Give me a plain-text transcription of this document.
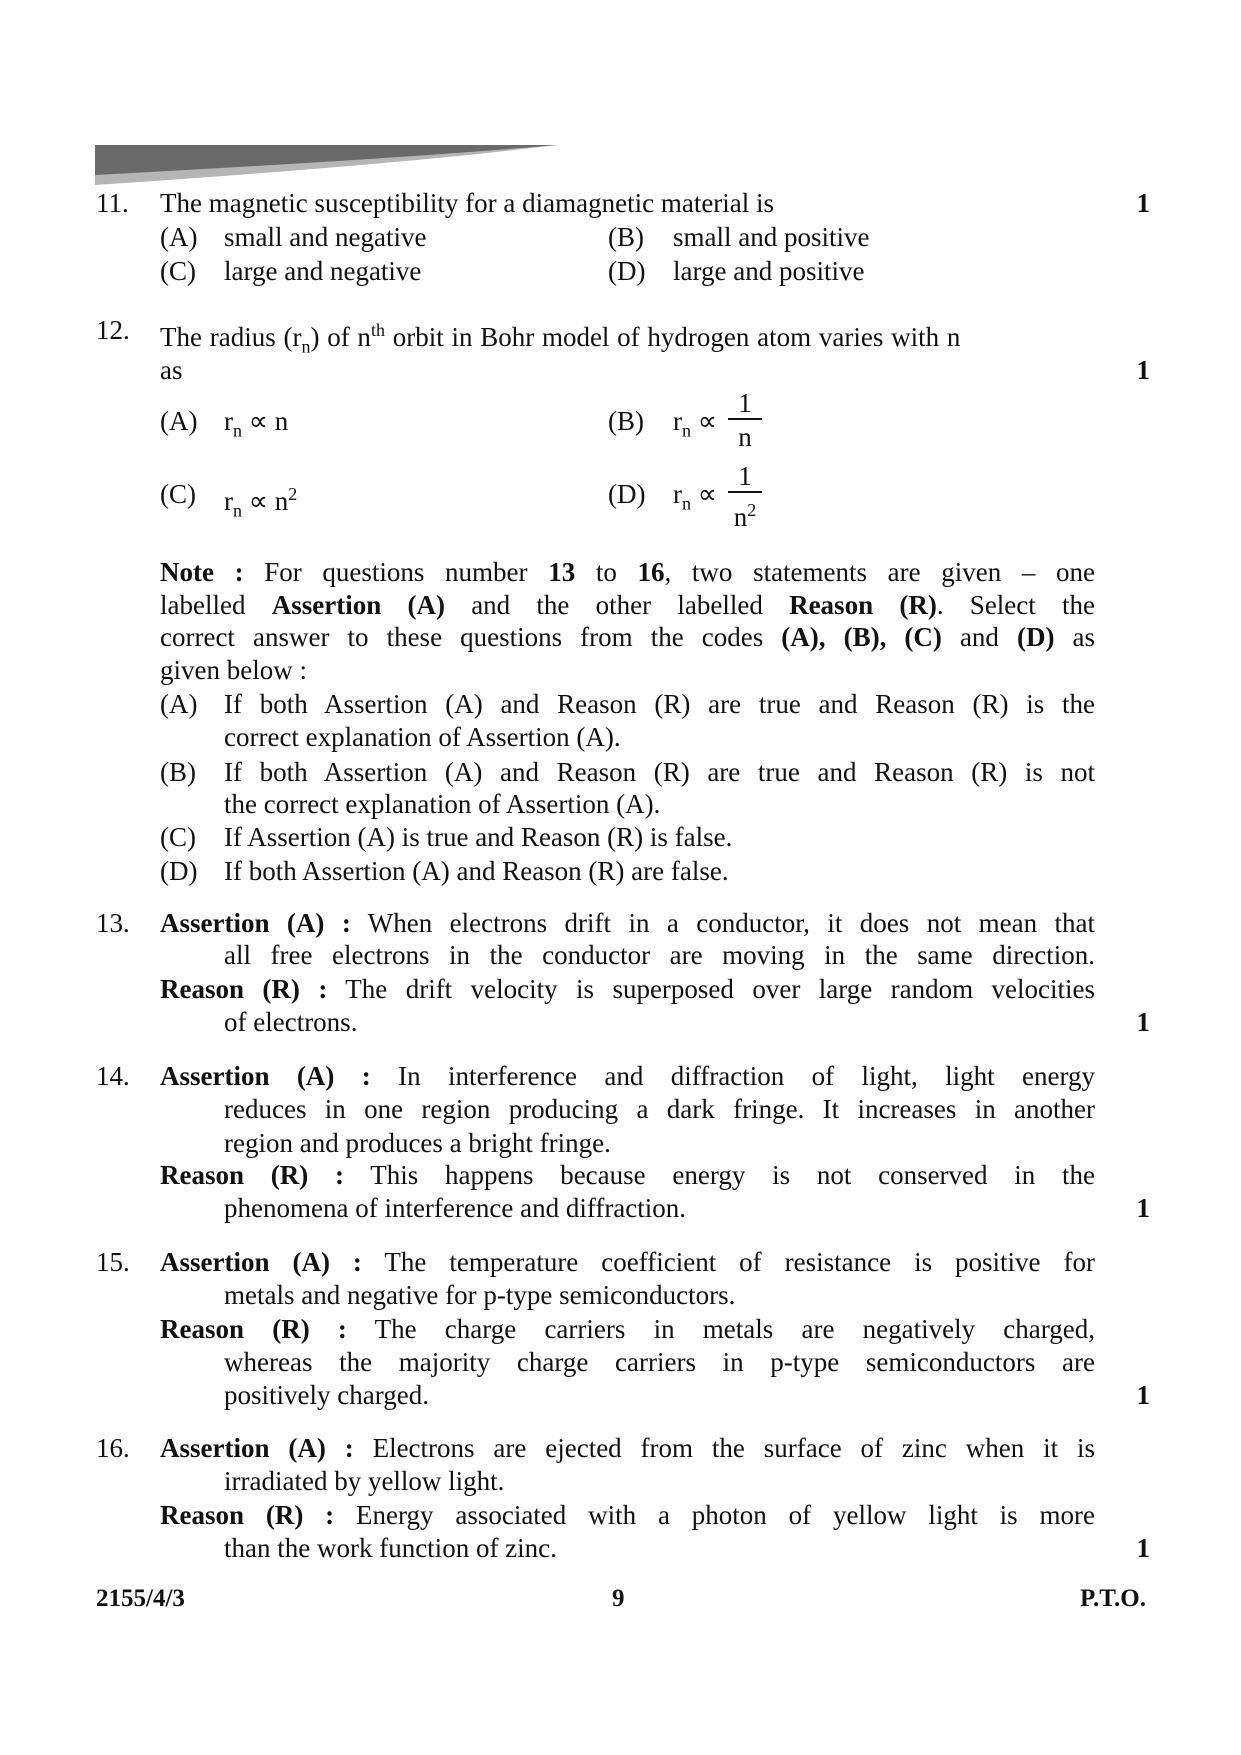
11. The magnetic susceptibility for a diamagnetic material is	1
(A) small and negative	(B) small and positive
(C) large and negative	(D) large and positive
12. The radius $(r_n)$ of $n^{th}$ orbit in Bohr model of hydrogen atom varies with n
as	1
(A) $r_n \propto n$	(B) $r_n \propto \frac{1}{n}$
(C) $r_n \propto n^2$	(D) $r_n \propto \frac{1}{n^2}$
Note : For questions number 13 to 16, two statements are given – one
labelled Assertion (A) and the other labelled Reason (R). Select the
correct answer to these questions from the codes (A), (B), (C) and (D) as
given below :
(A) If both Assertion (A) and Reason (R) are true and Reason (R) is the
correct explanation of Assertion (A).
(B) If both Assertion (A) and Reason (R) are true and Reason (R) is not
the correct explanation of Assertion (A).
(C) If Assertion (A) is true and Reason (R) is false.
(D) If both Assertion (A) and Reason (R) are false.
13. Assertion (A) : When electrons drift in a conductor, it does not mean that
all free electrons in the conductor are moving in the same direction.
Reason (R) : The drift velocity is superposed over large random velocities
of electrons.	1
14. Assertion (A) : In interference and diffraction of light, light energy
reduces in one region producing a dark fringe. It increases in another
region and produces a bright fringe.
Reason (R) : This happens because energy is not conserved in the
phenomena of interference and diffraction.	1
15. Assertion (A) : The temperature coefficient of resistance is positive for
metals and negative for p-type semiconductors.
Reason (R) : The charge carriers in metals are negatively charged,
whereas the majority charge carriers in p-type semiconductors are
positively charged.	1
16. Assertion (A) : Electrons are ejected from the surface of zinc when it is
irradiated by yellow light.
Reason (R) : Energy associated with a photon of yellow light is more
than the work function of zinc.	1
2155/4/3	9	P.T.O.
